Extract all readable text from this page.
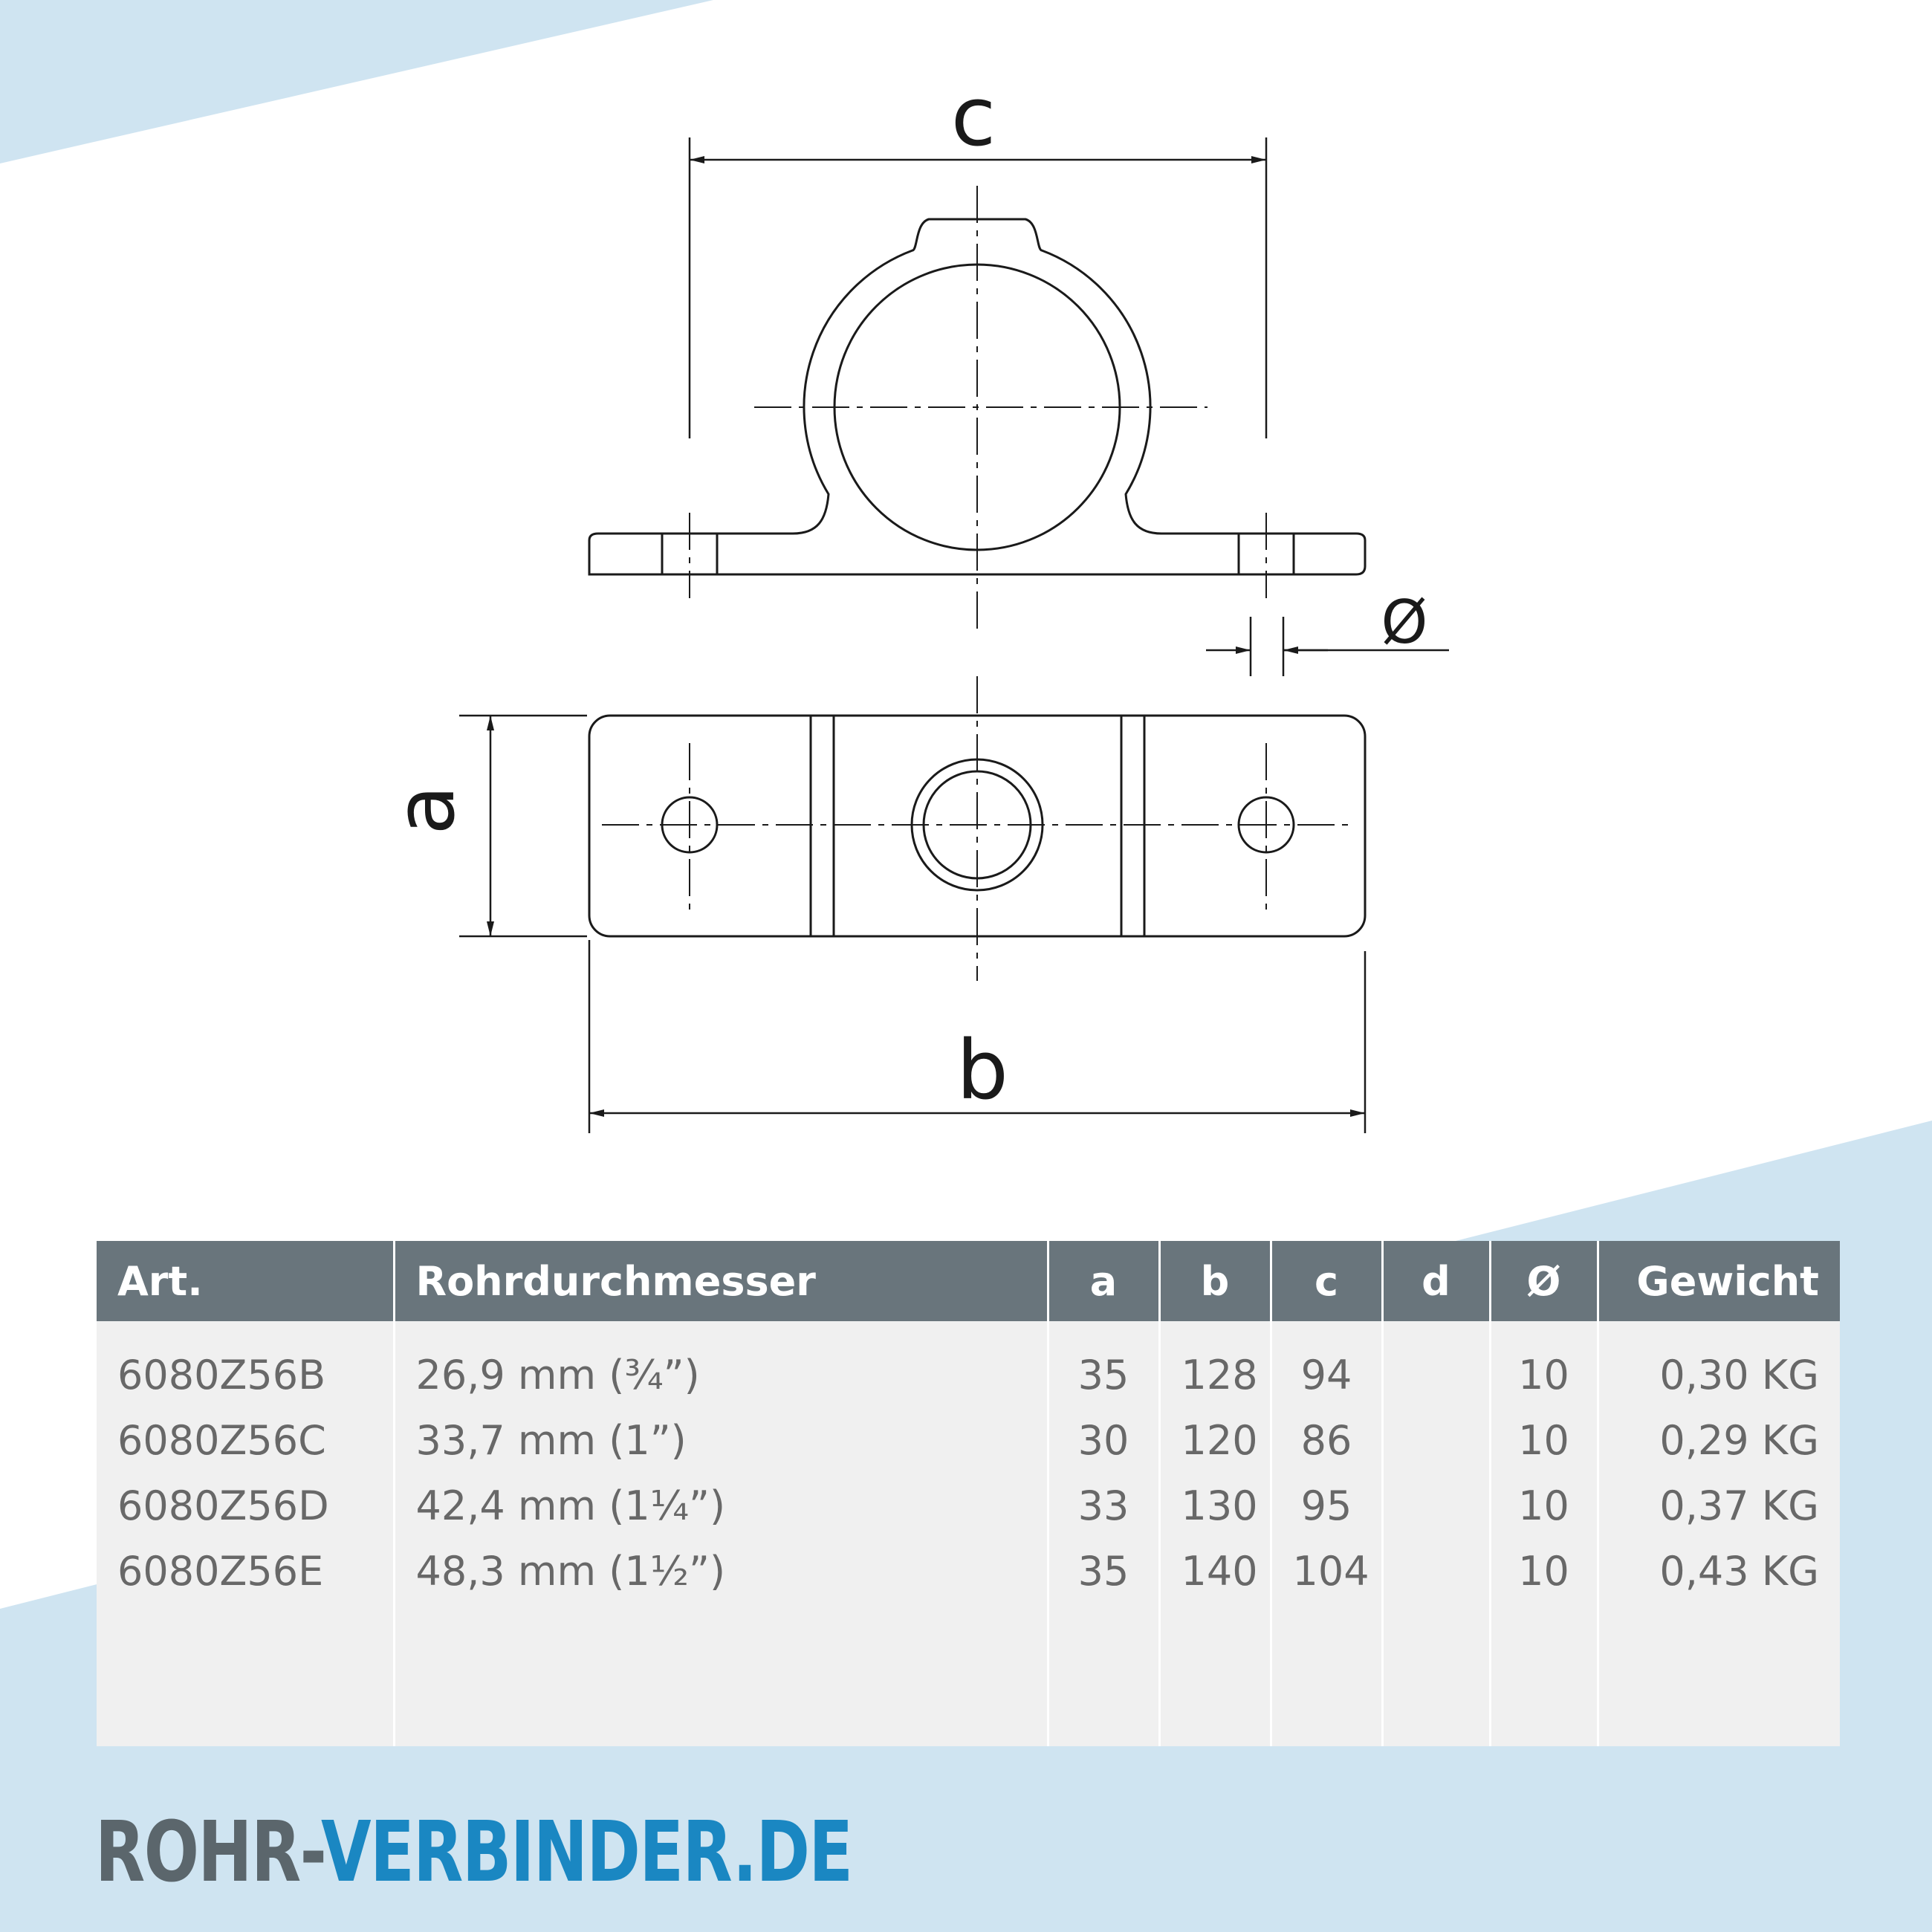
c
Ø
a
b
Art.	Rohrdurchmesser	a	b	c	d	Ø	Gewicht
6080Z56B	26,9 mm (¾”)	35	128	94		10	0,30 KG
6080Z56C	33,7 mm (1”)	30	120	86		10	0,29 KG
6080Z56D	42,4 mm (1¼”)	33	130	95		10	0,37 KG
6080Z56E	48,3 mm (1½”)	35	140	104		10	0,43 KG

ROHR-VERBINDER.DE
